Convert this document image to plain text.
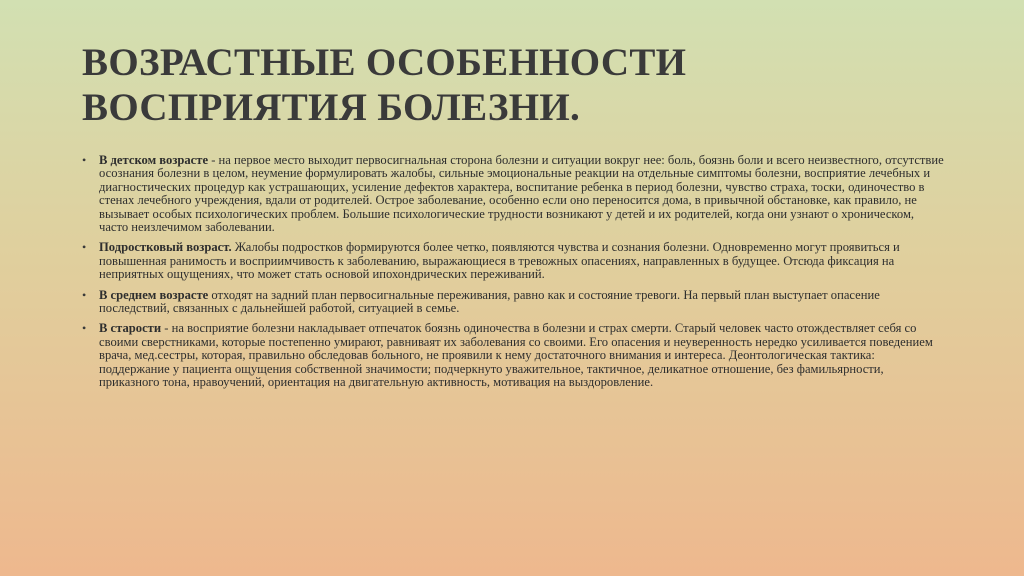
ВОЗРАСТНЫЕ ОСОБЕННОСТИ
ВОСПРИЯТИЯ БОЛЕЗНИ.
• В детском возрасте - на первое место выходит первосигнальная сторона болезни и ситуации вокруг нее: боль, боязнь боли и всего неизвестного, отсутствие осознания болезни в целом, неумение формулировать жалобы, сильные эмоциональные реакции на отдельные симптомы болезни, восприятие лечебных и диагностических процедур как устрашающих, усиление дефектов характера, воспитание ребенка в период болезни, чувство страха, тоски, одиночество в стенах лечебного учреждения, вдали от родителей. Острое заболевание, особенно если оно переносится дома, в привычной обстановке, как правило, не вызывает особых психологических проблем. Большие психологические трудности возникают у детей и их родителей, когда они узнают о хроническом, часто неизлечимом заболевании.
• Подростковый возраст. Жалобы подростков формируются более четко, появляются чувства и сознания болезни. Одновременно могут проявиться и повышенная ранимость и восприимчивость к заболеванию, выражающиеся в тревожных опасениях, направленных в будущее. Отсюда фиксация на неприятных ощущениях, что может стать основой ипохондрических переживаний.
• В среднем возрасте отходят на задний план первосигнальные переживания, равно как и состояние тревоги. На первый план выступает опасение последствий, связанных с дальнейшей работой, ситуацией в семье.
• В старости - на восприятие болезни накладывает отпечаток боязнь одиночества в болезни и страх смерти. Старый человек часто отождествляет себя со своими сверстниками, которые постепенно умирают, равниваят их заболевания со своими. Его опасения и неуверенность нередко усиливается поведением врача, мед.сестры, которая, правильно обследовав больного, не проявили к нему достаточного внимания и интереса. Деонтологическая тактика: поддержание у пациента ощущения собственной значимости; подчеркнуто уважительное, тактичное, деликатное отношение, без фамильярности, приказного тона, нравоучений, ориентация на двигательную активность, мотивация на выздоровление.
